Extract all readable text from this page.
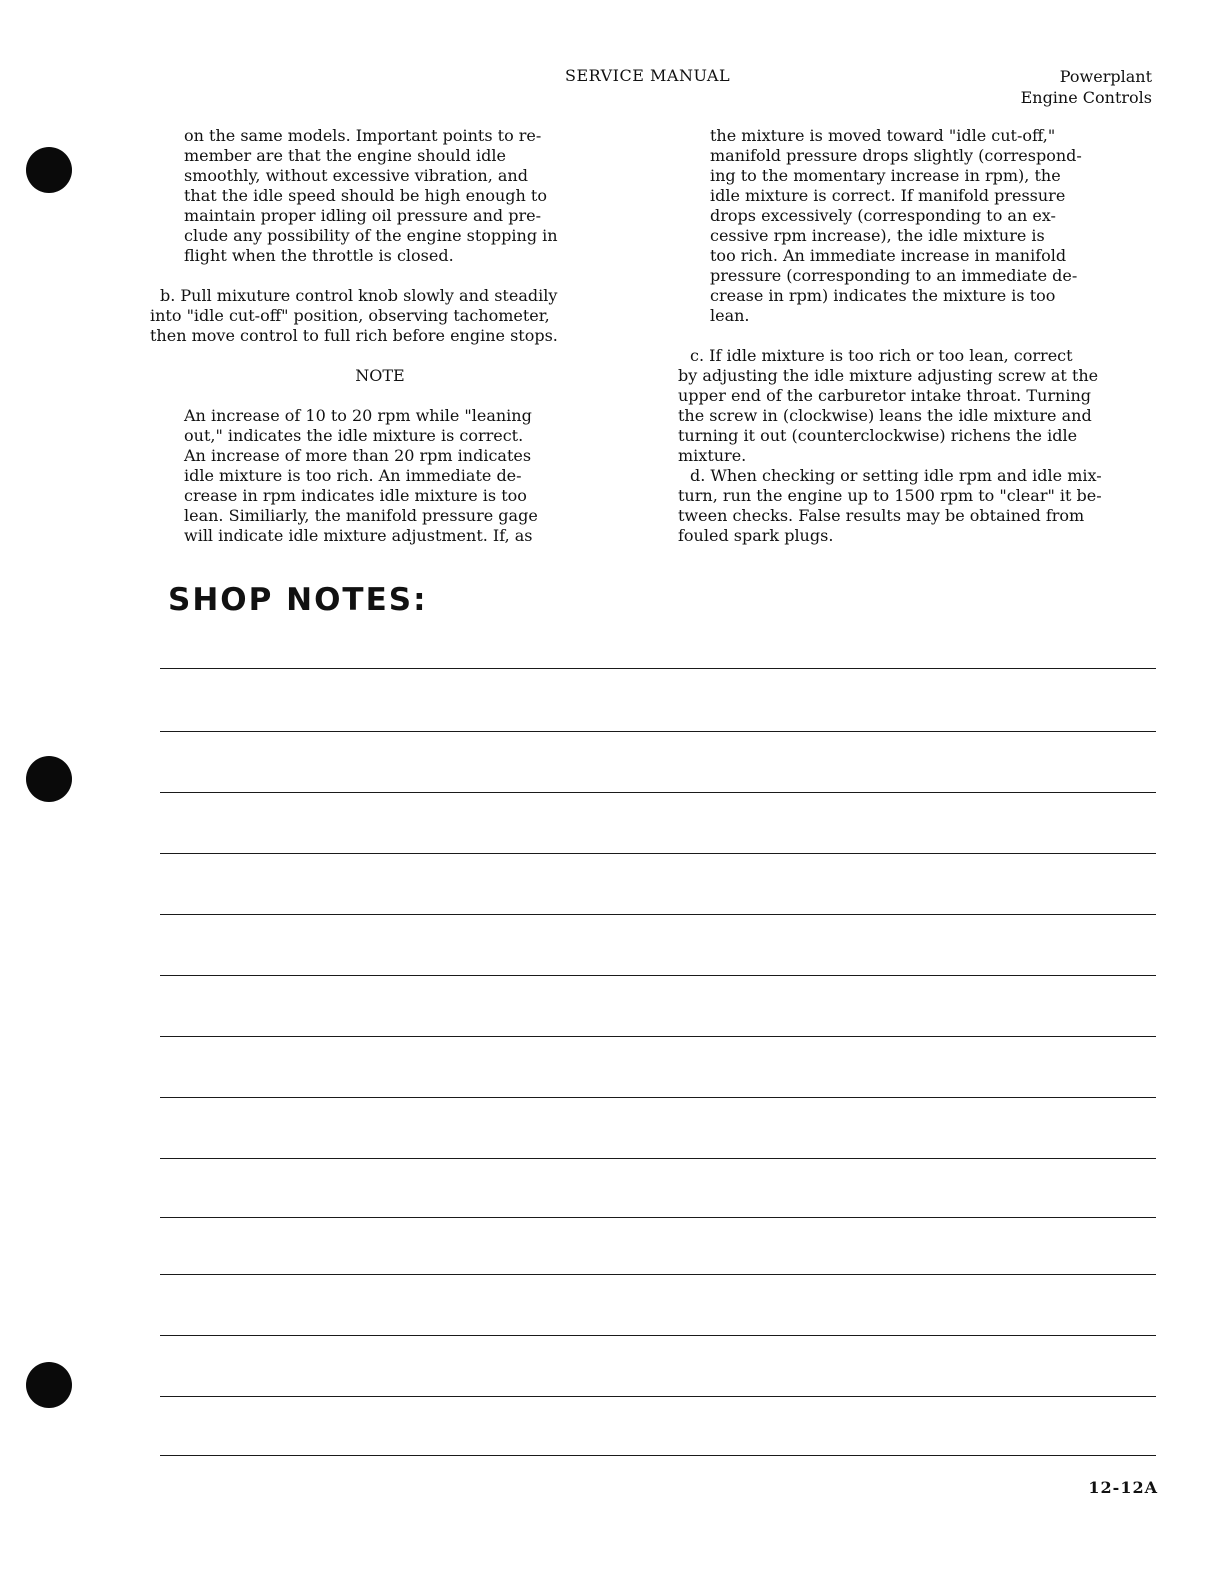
SERVICE MANUAL	Powerplant
Engine Controls

on the same models. Important points to re-

member are that the engine should idle

smoothly, without excessive vibration, and

that the idle speed should be high enough to

maintain proper idling oil pressure and pre-

clude any possibility of the engine stopping in

flight when the throttle is closed.

b. Pull mixuture control knob slowly and steadily

into "idle cut-off" position, observing tachometer,

then move control to full rich before engine stops.

NOTE

An increase of 10 to 20 rpm while "leaning

out," indicates the idle mixture is correct.

An increase of more than 20 rpm indicates

idle mixture is too rich. An immediate de-

crease in rpm indicates idle mixture is too

lean. Similiarly, the manifold pressure gage

will indicate idle mixture adjustment. If, as

the mixture is moved toward "idle cut-off,"

manifold pressure drops slightly (correspond-

ing to the momentary increase in rpm), the

idle mixture is correct. If manifold pressure

drops excessively (corresponding to an ex-

cessive rpm increase), the idle mixture is

too rich. An immediate increase in manifold

pressure (corresponding to an immediate de-

crease in rpm) indicates the mixture is too

lean.

c. If idle mixture is too rich or too lean, correct

by adjusting the idle mixture adjusting screw at the

upper end of the carburetor intake throat. Turning

the screw in (clockwise) leans the idle mixture and

turning it out (counterclockwise) richens the idle

mixture.

d. When checking or setting idle rpm and idle mix-

turn, run the engine up to 1500 rpm to "clear" it be-

tween checks. False results may be obtained from

fouled spark plugs.

SHOP NOTES:
12-12A
